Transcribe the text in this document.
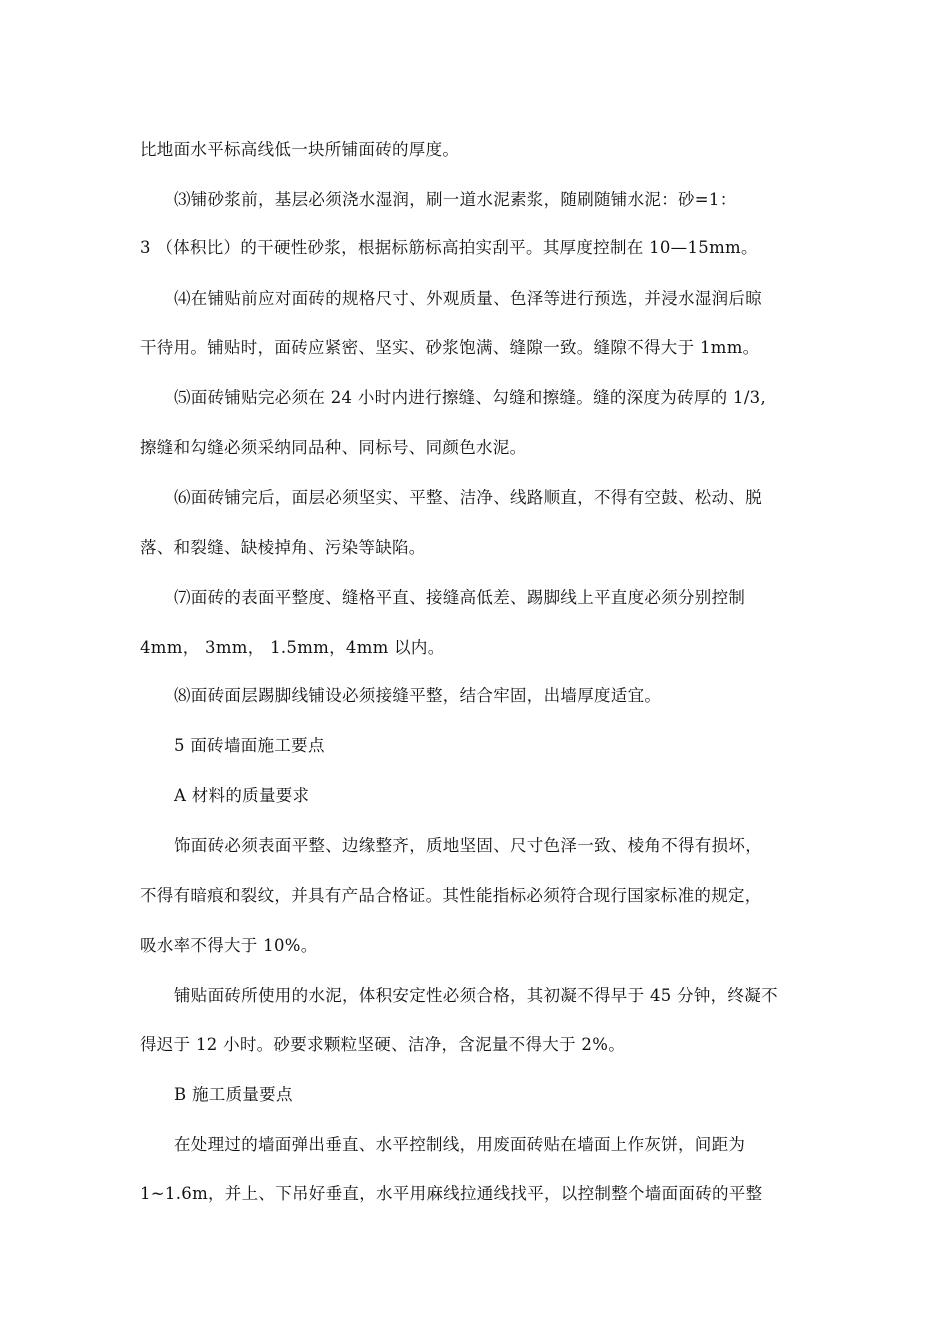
比地面水平标高线低一块所铺面砖的厚度。

⑶铺砂浆前，基层必须浇水湿润，刷一道水泥素浆，随刷随铺水泥：砂=1：

3 （体积比）的干硬性砂浆，根据标筋标高拍实刮平。其厚度控制在 10—15mm。

⑷在铺贴前应对面砖的规格尺寸、外观质量、色泽等进行预选，并浸水湿润后晾

干待用。铺贴时，面砖应紧密、坚实、砂浆饱满、缝隙一致。缝隙不得大于 1mm。

⑸面砖铺贴完必须在 24 小时内进行擦缝、勾缝和擦缝。缝的深度为砖厚的 1/3,

擦缝和勾缝必须采纳同品种、同标号、同颜色水泥。

⑹面砖铺完后，面层必须坚实、平整、洁净、线路顺直，不得有空鼓、松动、脱

落、和裂缝、缺棱掉角、污染等缺陷。

⑺面砖的表面平整度、缝格平直、接缝高低差、踢脚线上平直度必须分别控制

4mm， 3mm， 1.5mm，4mm 以内。

⑻面砖面层踢脚线铺设必须接缝平整，结合牢固，出墙厚度适宜。

5 面砖墙面施工要点

A 材料的质量要求

饰面砖必须表面平整、边缘整齐，质地坚固、尺寸色泽一致、棱角不得有损坏，

不得有暗痕和裂纹，并具有产品合格证。其性能指标必须符合现行国家标准的规定，

吸水率不得大于 10%。

铺贴面砖所使用的水泥，体积安定性必须合格，其初凝不得早于 45 分钟，终凝不

得迟于 12 小时。砂要求颗粒坚硬、洁净，含泥量不得大于 2%。

B 施工质量要点

在处理过的墙面弹出垂直、水平控制线，用废面砖贴在墙面上作灰饼，间距为

1~1.6m，并上、下吊好垂直，水平用麻线拉通线找平，以控制整个墙面面砖的平整
